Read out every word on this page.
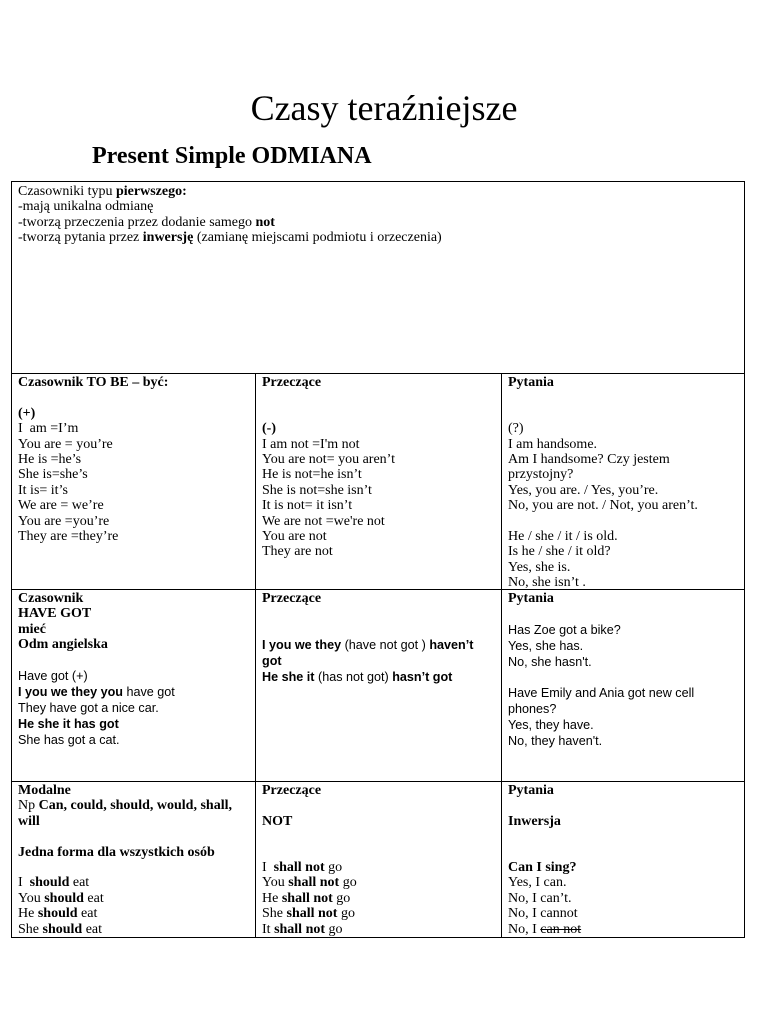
Czasy teraźniejsze
Present Simple ODMIANA
Czasowniki typu pierwszego:
-mają unikalna odmianę
-tworzą przeczenia przez dodanie samego not
-tworzą pytania przez inwersję (zamianę miejscami podmiotu i orzeczenia)
Czasownik TO BE – być:
(+)
I  am =I’m
You are = you’re
He is =he’s
She is=she’s
It is= it’s
We are = we’re
You are =you’re
They are =they’re
Przeczące
(-)
I am not =I'm not
You are not= you aren’t
He is not=he isn’t
She is not=she isn’t
It is not= it isn’t
We are not =we're not
You are not
They are not
Pytania
(?)
I am handsome.
Am I handsome? Czy jestem
przystojny?
Yes, you are. / Yes, you’re.
No, you are not. / Not, you aren’t.
He / she / it / is old.
Is he / she / it old?
Yes, she is.
No, she isn’t .
Czasownik
HAVE GOT
mieć
Odm angielska
Have got (+)
I you we they you have got
They have got a nice car.
He she it has got
She has got a cat.
Przeczące
I you we they (have not got ) haven’t
got
He she it (has not got) hasn’t got
Pytania
Has Zoe got a bike?
Yes, she has.
No, she hasn't.
Have Emily and Ania got new cell
phones?
Yes, they have.
No, they haven't.
Modalne
Np Can, could, should, would, shall,
will
Jedna forma dla wszystkich osób
I  should eat
You should eat
He should eat
She should eat
Przeczące
NOT
I  shall not go
You shall not go
He shall not go
She shall not go
It shall not go
Pytania
Inwersja
Can I sing?
Yes, I can.
No, I can’t.
No, I cannot
No, I can not
